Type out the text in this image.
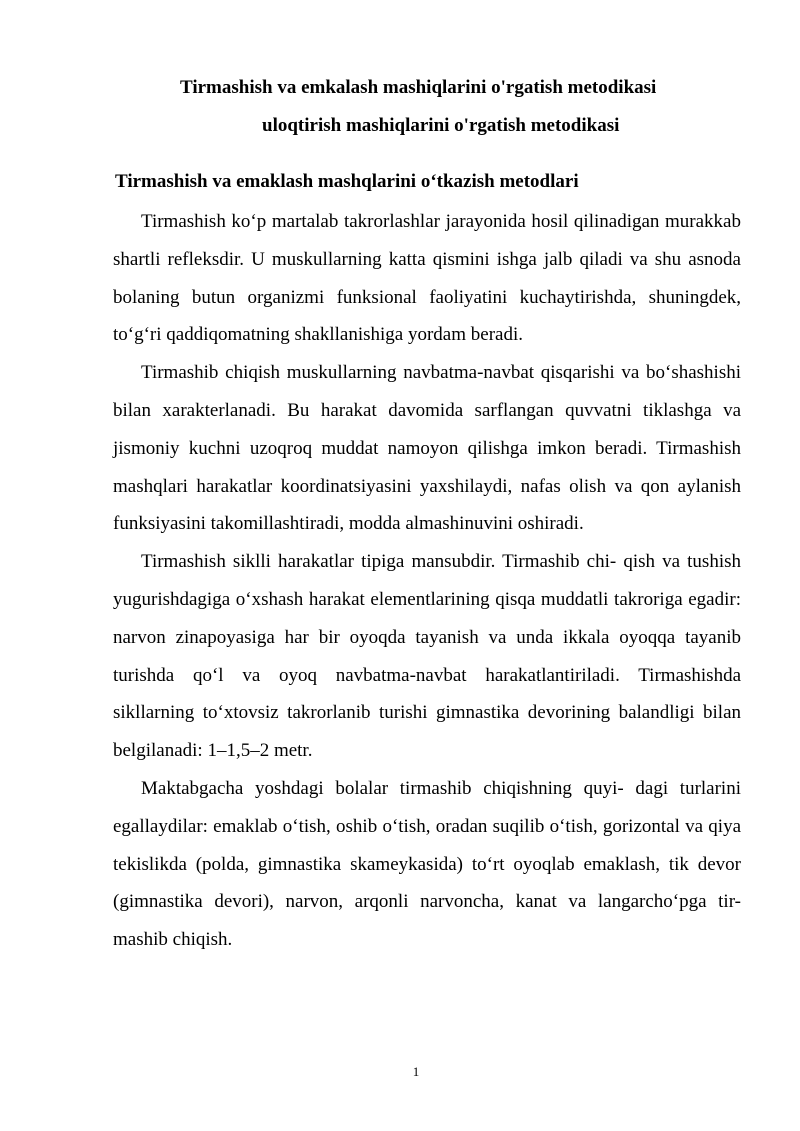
Tirmashish va emkalash mashiqlarini o'rgatish metodikasi
uloqtirish mashiqlarini o'rgatish metodikasi
Tirmashish va emaklash mashqlarini oʻtkazish metodlari

Tirmashish koʻp martalab takrorlashlar jarayonida hosil qilinadigan murakkab shartli refleksdir. U muskullarning katta qismini ishga jalb qiladi va shu asnoda bolaning butun organizmi funksional faoliyatini kuchaytirishda, shuningdek, toʻgʻri qaddiqomatning shakllanishiga yordam beradi.

Tirmashib chiqish muskullarning navbatma-navbat qisqarishi va boʻshashishi bilan xarakterlanadi. Bu harakat davomida sarflangan quvvatni tiklashga va jismoniy kuchni uzoqroq muddat namoyon qilishga imkon beradi. Tirmashish mashqlari harakatlar koordinatsiyasini yaxshilaydi, nafas olish va qon aylanish funksiyasini takomillashtiradi, modda almashinuvini oshiradi.

Tirmashish siklli harakatlar tipiga mansubdir. Tirmashib chi- qish va tushish yugurishdagiga oʻxshash harakat elementlarining qisqa muddatli takroriga egadir: narvon zinapoyasiga har bir oyoqda tayanish va unda ikkala oyoqqa tayanib turishda qoʻl va oyoq navbatma-navbat harakatlantiriladi. Tirmashishda sikllarning toʻxtovsiz takrorlanib turishi gimnastika devorining balandligi bilan belgilanadi: 1–1,5–2 metr.

Maktabgacha yoshdagi bolalar tirmashib chiqishning quyi- dagi turlarini egallaydilar: emaklab oʻtish, oshib oʻtish, oradan suqilib oʻtish, gorizontal va qiya tekislikda (polda, gimnastika skameykasida) toʻrt oyoqlab emaklash, tik devor (gimnastika devori), narvon, arqonli narvoncha, kanat va langarchoʻpga tir- mashib chiqish.

1
